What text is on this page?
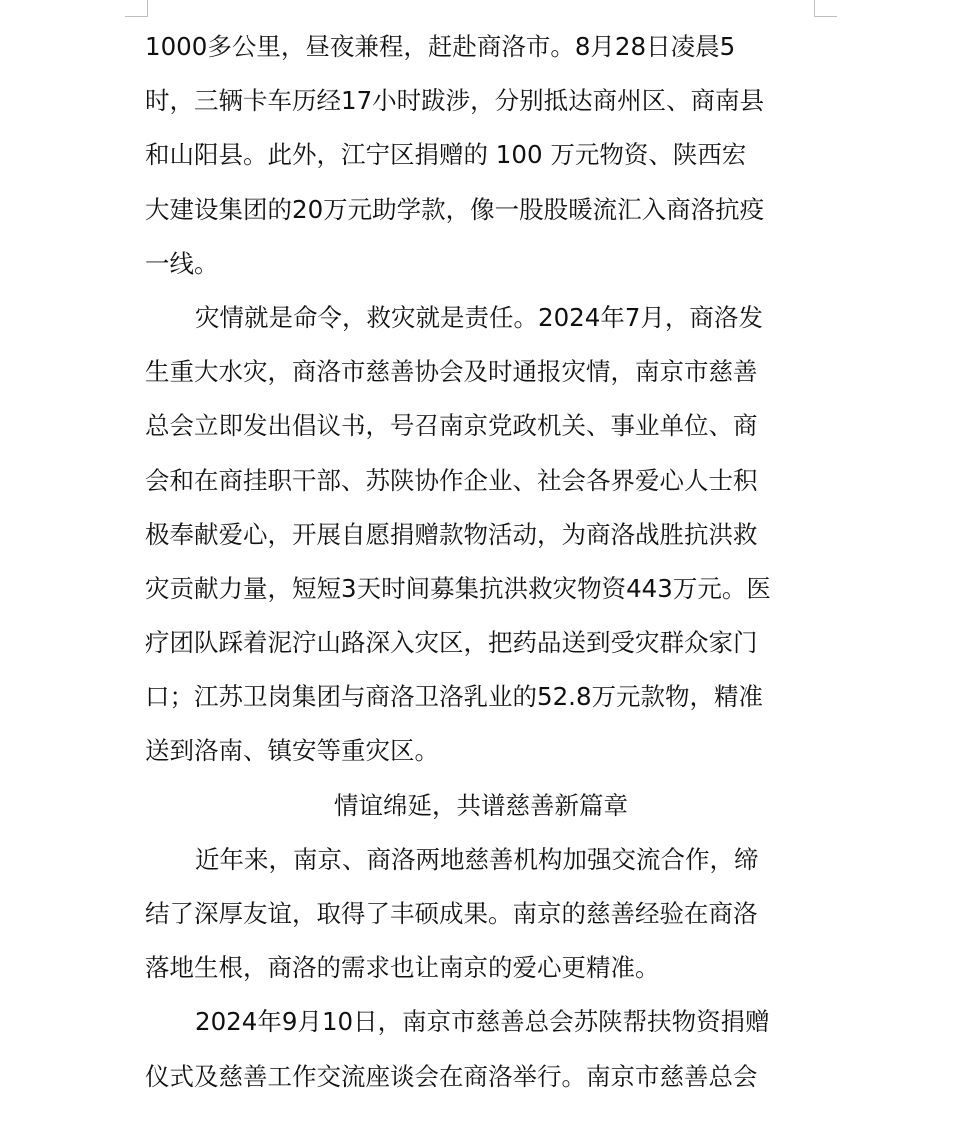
1000多公里，昼夜兼程，赶赴商洛市。8月28日凌晨5
时，三辆卡车历经17小时跋涉，分别抵达商州区、商南县
和山阳县。此外，江宁区捐赠的 100 万元物资、陕西宏
大建设集团的20万元助学款，像一股股暖流汇入商洛抗疫
一线。
灾情就是命令，救灾就是责任。2024年7月，商洛发
生重大水灾，商洛市慈善协会及时通报灾情，南京市慈善
总会立即发出倡议书，号召南京党政机关、事业单位、商
会和在商挂职干部、苏陕协作企业、社会各界爱心人士积
极奉献爱心，开展自愿捐赠款物活动，为商洛战胜抗洪救
灾贡献力量，短短3天时间募集抗洪救灾物资443万元。医
疗团队踩着泥泞山路深入灾区，把药品送到受灾群众家门
口；江苏卫岗集团与商洛卫洛乳业的52.8万元款物，精准
送到洛南、镇安等重灾区。
情谊绵延，共谱慈善新篇章
近年来，南京、商洛两地慈善机构加强交流合作，缔
结了深厚友谊，取得了丰硕成果。南京的慈善经验在商洛
落地生根，商洛的需求也让南京的爱心更精准。
2024年9月10日，南京市慈善总会苏陕帮扶物资捐赠
仪式及慈善工作交流座谈会在商洛举行。南京市慈善总会
